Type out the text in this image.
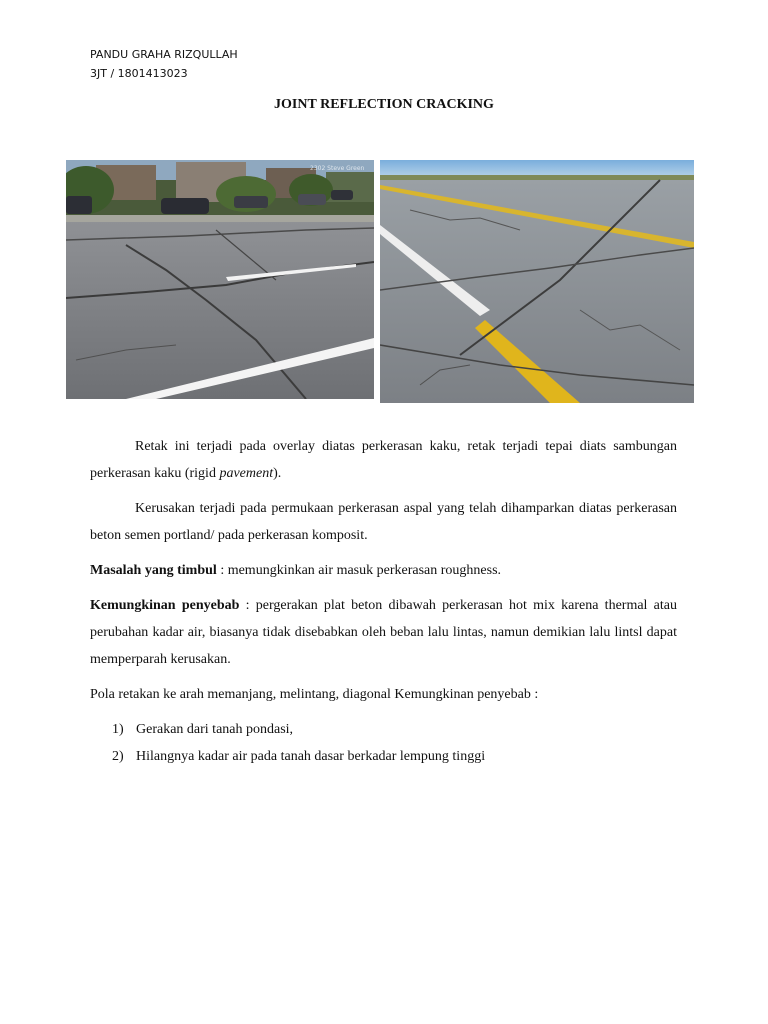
PANDU GRAHA RIZQULLAH
3JT / 1801413023
JOINT REFLECTION CRACKING
2302 Steve Green

Retak ini terjadi pada overlay diatas perkerasan kaku, retak terjadi tepai diats sambungan perkerasan kaku (rigid pavement).

Kerusakan terjadi pada permukaan perkerasan aspal yang telah dihamparkan diatas perkerasan beton semen portland/ pada perkerasan komposit.

Masalah yang timbul : memungkinkan air masuk perkerasan roughness.

Kemungkinan penyebab : pergerakan plat beton dibawah perkerasan hot mix karena thermal atau perubahan kadar air, biasanya tidak disebabkan oleh beban lalu lintas, namun demikian lalu lintsl dapat memperparah kerusakan.

Pola retakan ke arah memanjang, melintang, diagonal Kemungkinan penyebab :

1) Gerakan dari tanah pondasi,
2) Hilangnya kadar air pada tanah dasar berkadar lempung tinggi
